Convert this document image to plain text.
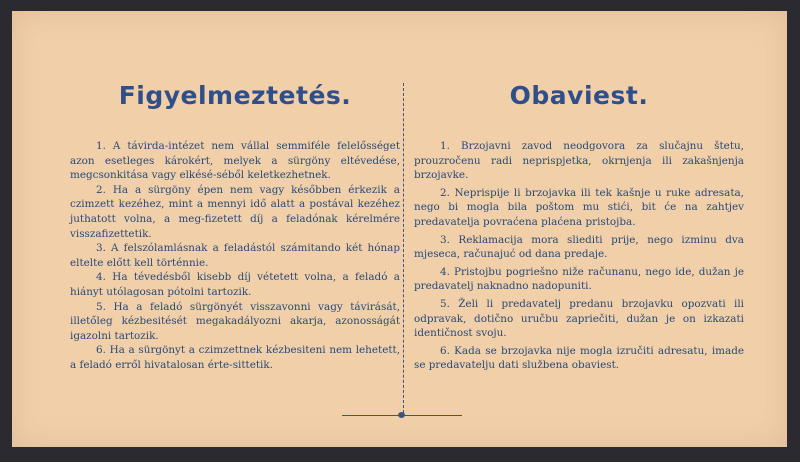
Figyelmeztetés.

1. A távirda-intézet nem vállal semmiféle felelősséget azon esetleges károkért, melyek a sürgöny eltévedése, megcsonkitása vagy elkésé-séből keletkezhetnek.

2. Ha a sürgöny épen nem vagy későbben érkezik a czimzett kezéhez, mint a mennyi idő alatt a postával kezéhez juthatott volna, a meg-fizetett díj a feladónak kérelmére visszafizettetik.

3. A felszólamlásnak a feladástól számitando két hónap eltelte előtt kell történnie.

4. Ha tévedésből kisebb díj vétetett volna, a feladó a hiányt utólagosan pótolni tartozik.

5. Ha a feladó sürgönyét visszavonni vagy távirását, illetőleg kézbesitését megakadályozni akarja, azonosságát igazolni tartozik.

6. Ha a sürgönyt a czimzettnek kézbesiteni nem lehetett, a feladó erről hivatalosan érte-sittetik.

Obaviest.

1. Brzojavni zavod neodgovora za slučajnu štetu, prouzročenu radi neprispjetka, okrnjenja ili zakašnjenja brzojavke.

2. Neprispije li brzojavka ili tek kašnje u ruke adresata, nego bi mogla bila poštom mu stići, bit će na zahtjev predavatelja povraćena plaćena pristojba.

3. Reklamacija mora sliediti prije, nego izminu dva mjeseca, računajuć od dana predaje.

4. Pristojbu pogriešno niže računanu, nego ide, dužan je predavatelj naknadno nadopuniti.

5. Želi li predavatelj predanu brzojavku opozvati ili odpravak, dotično uručbu zapriečiti, dužan je on izkazati identičnost svoju.

6. Kada se brzojavka nije mogla izručiti adresatu, imade se predavatelju dati službena obaviest.
